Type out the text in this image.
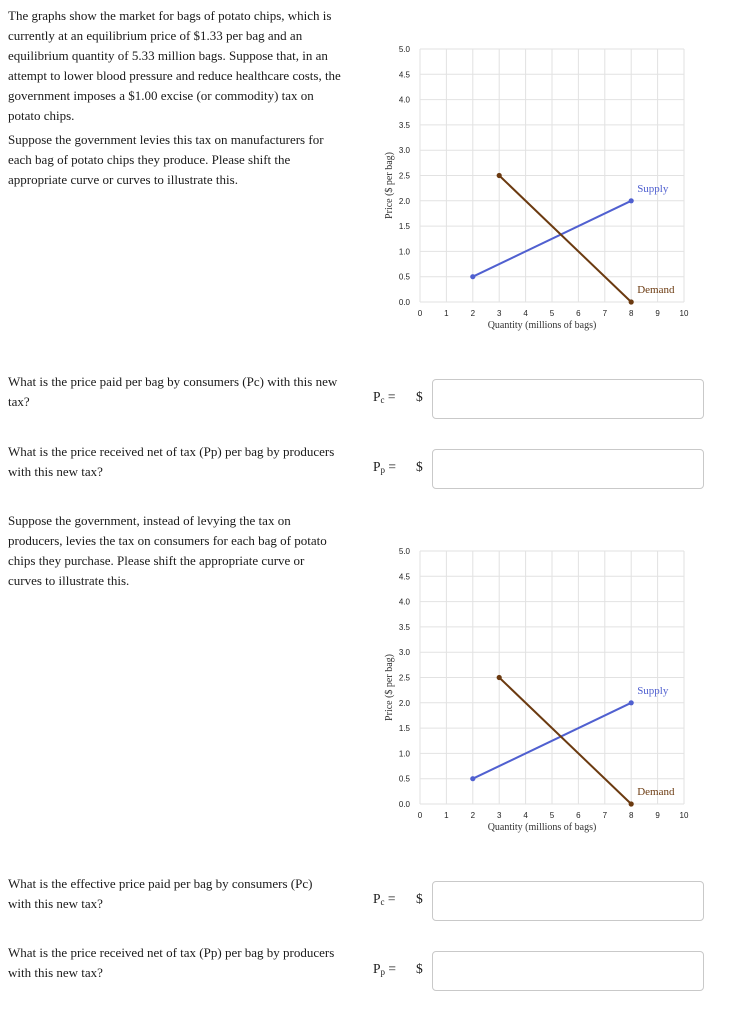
The graphs show the market for bags of potato chips, which is currently at an equilibrium price of $1.33 per bag and an equilibrium quantity of 5.33 million bags. Suppose that, in an attempt to lower blood pressure and reduce healthcare costs, the government imposes a $1.00 excise (or commodity) tax on potato chips.

Suppose the government levies this tax on manufacturers for each bag of potato chips they produce. Please shift the appropriate curve or curves to illustrate this.

0.0
0.5
1.0
1.5
2.0
2.5
3.0
3.5
4.0
4.5
5.0
0	1	2	3	4	5	6	7	8	9 10
Quantity (millions of bags)
Price ($ per bag)	Supply
Demand

What is the price paid per bag by consumers (Pc) with this new tax?	$P_c$ = $

What is the price received net of tax (Pp) per bag by producers with this new tax?	$P_p$ = $

Suppose the government, instead of levying the tax on producers, levies the tax on consumers for each bag of potato chips they purchase. Please shift the appropriate curve or curves to illustrate this.

0.0
0.5
1.0
1.5
2.0
2.5
3.0
3.5
4.0
4.5
5.0
0	1	2	3	4	5	6	7	8	9 10
Quantity (millions of bags)
Price ($ per bag)	Supply
Demand

What is the effective price paid per bag by consumers (Pc) with this new tax?	$P_c$ = $

What is the price received net of tax (Pp) per bag by producers with this new tax?	$P_p$ = $
